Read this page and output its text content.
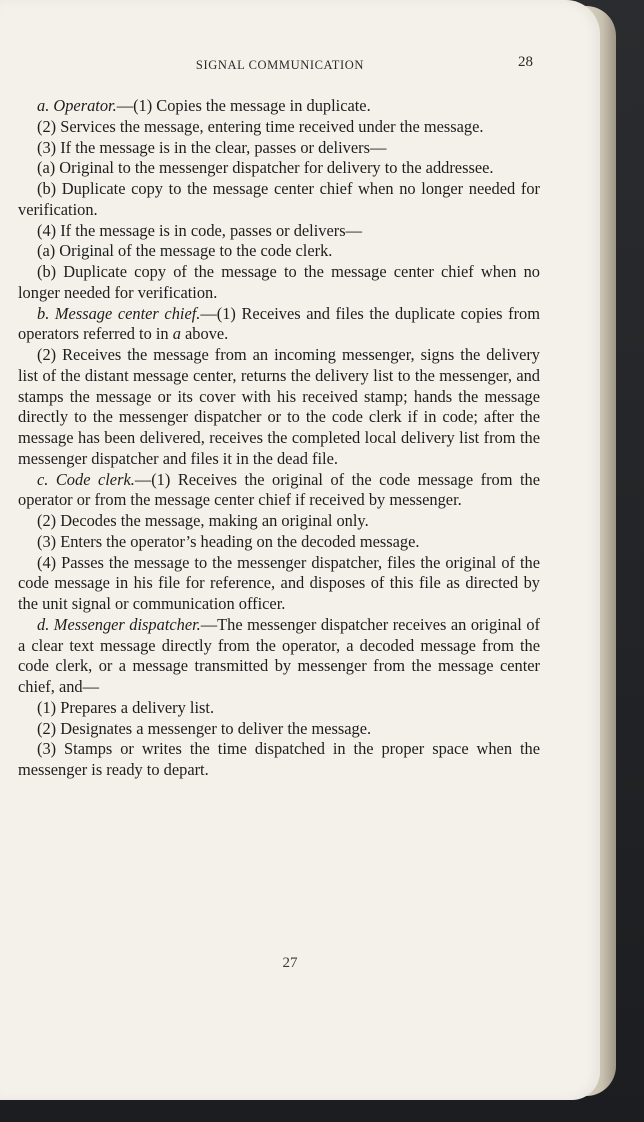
SIGNAL COMMUNICATION	28

a. Operator.—(1) Copies the message in duplicate.

(2) Services the message, entering time received under the message.

(3) If the message is in the clear, passes or delivers—

(a) Original to the messenger dispatcher for delivery to the addressee.

(b) Duplicate copy to the message center chief when no longer needed for verification.

(4) If the message is in code, passes or delivers—

(a) Original of the message to the code clerk.

(b) Duplicate copy of the message to the message center chief when no longer needed for verification.

b. Message center chief.—(1) Receives and files the duplicate copies from operators referred to in a above.

(2) Receives the message from an incoming messenger, signs the delivery list of the distant message center, returns the delivery list to the messenger, and stamps the message or its cover with his received stamp; hands the message directly to the messenger dispatcher or to the code clerk if in code; after the message has been delivered, receives the completed local delivery list from the messenger dispatcher and files it in the dead file.

c. Code clerk.—(1) Receives the original of the code message from the operator or from the message center chief if received by messenger.

(2) Decodes the message, making an original only.

(3) Enters the operator’s heading on the decoded message.

(4) Passes the message to the messenger dispatcher, files the original of the code message in his file for reference, and disposes of this file as directed by the unit signal or communication officer.

d. Messenger dispatcher.—The messenger dispatcher receives an original of a clear text message directly from the operator, a decoded message from the code clerk, or a message transmitted by messenger from the message center chief, and—

(1) Prepares a delivery list.

(2) Designates a messenger to deliver the message.

(3) Stamps or writes the time dispatched in the proper space when the messenger is ready to depart.

27
